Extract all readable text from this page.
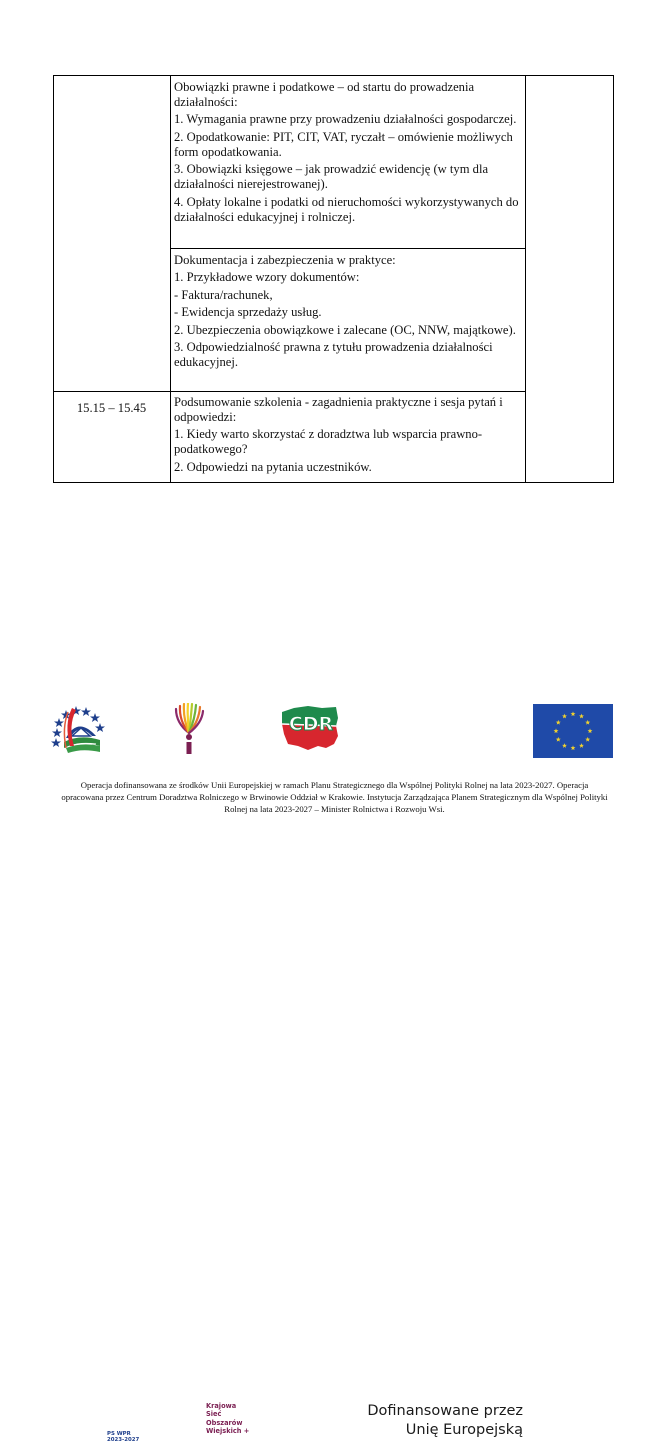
Obowiązki prawne i podatkowe – od startu do prowadzenia działalności:

1. Wymagania prawne przy prowadzeniu działalności gospodarczej.

2. Opodatkowanie: PIT, CIT, VAT, ryczałt – omówienie możliwych form opodatkowania.

3. Obowiązki księgowe – jak prowadzić ewidencję (w tym dla działalności nierejestrowanej).

4. Opłaty lokalne i podatki od nieruchomości wykorzystywanych do działalności edukacyjnej i rolniczej.

Dokumentacja i zabezpieczenia w praktyce:

1. Przykładowe wzory dokumentów:

- Faktura/rachunek,

- Ewidencja sprzedaży usług.

2. Ubezpieczenia obowiązkowe i zalecane (OC, NNW, majątkowe).

3. Odpowiedzialność prawna z tytułu prowadzenia działalności edukacyjnej.

15.15 – 15.45	Podsumowanie szkolenia - zagadnienia praktyczne i sesja pytań i odpowiedzi:

1. Kiedy warto skorzystać z doradztwa lub wsparcia prawno-podatkowego?

2. Odpowiedzi na pytania uczestników.

PS WPR
2023-2027
Krajowa
Sieć
Obszarów
Wiejskich +
CDR
Dofinansowane przez
Unię Europejską
Operacja dofinansowana ze środków Unii Europejskiej w ramach Planu Strategicznego dla Wspólnej Polityki Rolnej na lata 2023-2027. Operacja opracowana przez Centrum Doradztwa Rolniczego w Brwinowie Oddział w Krakowie. Instytucja Zarządzająca Planem Strategicznym dla Wspólnej Polityki Rolnej na lata 2023-2027 – Minister Rolnictwa i Rozwoju Wsi.
